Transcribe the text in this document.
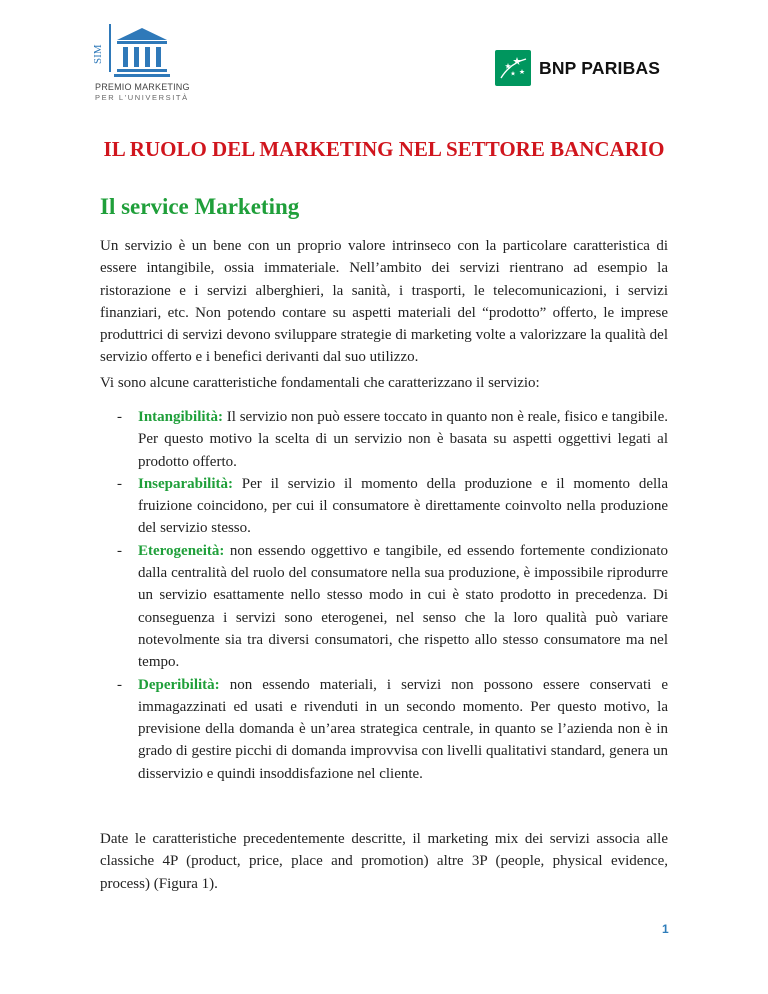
SIM
PREMIO MARKETING
PER L'UNIVERSITÀ
BNP PARIBAS
IL RUOLO DEL MARKETING NEL SETTORE BANCARIO
Il service Marketing

Un servizio è un bene con un proprio valore intrinseco con la particolare caratteristica di essere intangibile, ossia immateriale. Nell’ambito dei servizi rientrano ad esempio la ristorazione e i servizi alberghieri, la sanità, i trasporti, le telecomunicazioni, i servizi finanziari, etc. Non potendo contare su aspetti materiali del “prodotto” offerto, le imprese produttrici di servizi devono sviluppare strategie di marketing volte a valorizzare la qualità del servizio offerto e i benefici derivanti dal suo utilizzo.

Vi sono alcune caratteristiche fondamentali che caratterizzano il servizio:

- Intangibilità: Il servizio non può essere toccato in quanto non è reale, fisico e tangibile. Per questo motivo la scelta di un servizio non è basata su aspetti oggettivi legati al prodotto offerto.
- Inseparabilità: Per il servizio il momento della produzione e il momento della fruizione coincidono, per cui il consumatore è direttamente coinvolto nella produzione del servizio stesso.
- Eterogeneità: non essendo oggettivo e tangibile, ed essendo fortemente condizionato dalla centralità del ruolo del consumatore nella sua produzione, è impossibile riprodurre un servizio esattamente nello stesso modo in cui è stato prodotto in precedenza. Di conseguenza i servizi sono eterogenei, nel senso che la loro qualità può variare notevolmente sia tra diversi consumatori, che rispetto allo stesso consumatore ma nel tempo.
- Deperibilità: non essendo materiali, i servizi non possono essere conservati e immagazzinati ed usati e rivenduti in un secondo momento. Per questo motivo, la previsione della domanda è un’area strategica centrale, in quanto se l’azienda non è in grado di gestire picchi di domanda improvvisa con livelli qualitativi standard, genera un disservizio e quindi insoddisfazione nel cliente.

Date le caratteristiche precedentemente descritte, il marketing mix dei servizi associa alle classiche 4P (product, price, place and promotion) altre 3P (people, physical evidence, process) (Figura 1).

1
